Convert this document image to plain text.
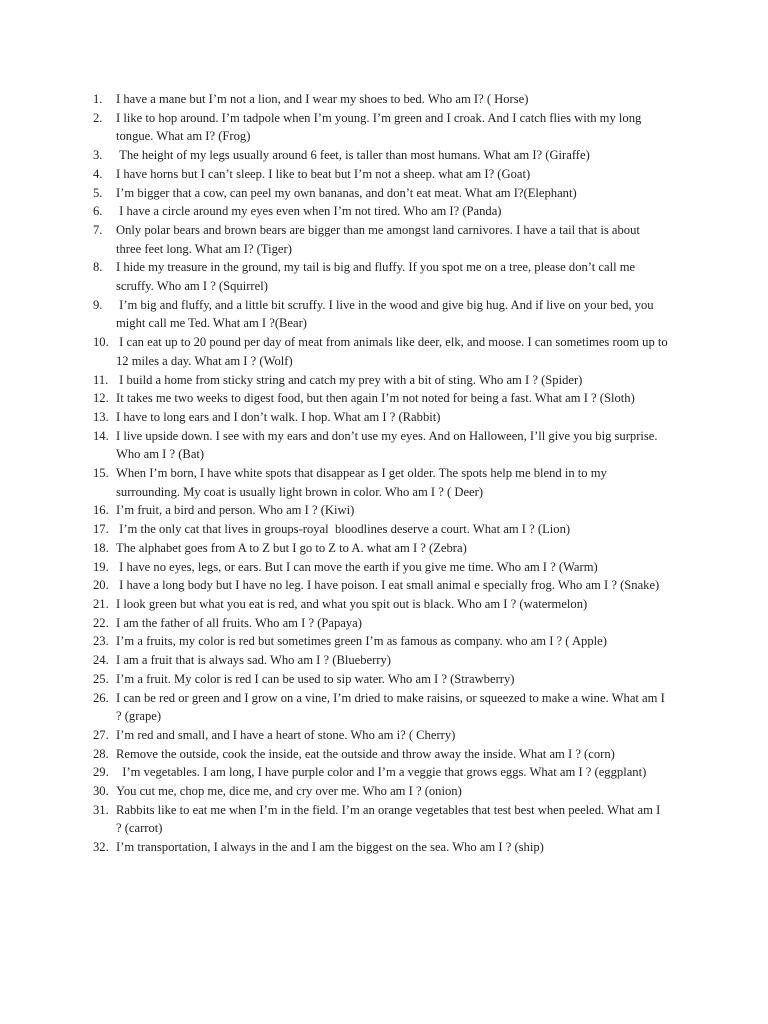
1.	I have a mane but I’m not a lion, and I wear my shoes to bed. Who am I? ( Horse)
2.	I like to hop around. I’m tadpole when I’m young. I’m green and I croak. And I catch flies with my long tongue. What am I? (Frog)
3.	The height of my legs usually around 6 feet, is taller than most humans. What am I? (Giraffe)
4.	I have horns but I can’t sleep. I like to beat but I’m not a sheep. what am I? (Goat)
5.	I’m bigger that a cow, can peel my own bananas, and don’t eat meat. What am I?(Elephant)
6.	I have a circle around my eyes even when I’m not tired. Who am I? (Panda)
7.	Only polar bears and brown bears are bigger than me amongst land carnivores. I have a tail that is about three feet long. What am I? (Tiger)
8.	I hide my treasure in the ground, my tail is big and fluffy. If you spot me on a tree, please don’t call me scruffy. Who am I ? (Squirrel)
9.	I’m big and fluffy, and a little bit scruffy. I live in the wood and give big hug. And if live on your bed, you might call me Ted. What am I ?(Bear)
10. I can eat up to 20 pound per day of meat from animals like deer, elk, and moose. I can sometimes room up to 12 miles a day. What am I ? (Wolf)
11. I build a home from sticky string and catch my prey with a bit of sting. Who am I ? (Spider)
12. It takes me two weeks to digest food, but then again I’m not noted for being a fast. What am I ? (Sloth)
13. I have to long ears and I don’t walk. I hop. What am I ? (Rabbit)
14. I live upside down. I see with my ears and don’t use my eyes. And on Halloween, I’ll give you big surprise. Who am I ? (Bat)
15. When I’m born, I have white spots that disappear as I get older. The spots help me blend in to my surrounding. My coat is usually light brown in color. Who am I ? ( Deer)
16. I’m fruit, a bird and person. Who am I ? (Kiwi)
17. I’m the only cat that lives in groups-royal  bloodlines deserve a court. What am I ? (Lion)
18. The alphabet goes from A to Z but I go to Z to A. what am I ? (Zebra)
19. I have no eyes, legs, or ears. But I can move the earth if you give me time. Who am I ? (Warm)
20. I have a long body but I have no leg. I have poison. I eat small animal e specially frog. Who am I ? (Snake)
21. I look green but what you eat is red, and what you spit out is black. Who am I ? (watermelon)
22. I am the father of all fruits. Who am I ? (Papaya)
23. I’m a fruits, my color is red but sometimes green I’m as famous as company. who am I ? ( Apple)
24. I am a fruit that is always sad. Who am I ? (Blueberry)
25. I’m a fruit. My color is red I can be used to sip water. Who am I ? (Strawberry)
26. I can be red or green and I grow on a vine, I’m dried to make raisins, or squeezed to make a wine. What am I ? (grape)
27. I’m red and small, and I have a heart of stone. Who am i? ( Cherry)
28. Remove the outside, cook the inside, eat the outside and throw away the inside. What am I ? (corn)
29. I’m vegetables. I am long, I have purple color and I’m a veggie that grows eggs. What am I ? (eggplant)
30. You cut me, chop me, dice me, and cry over me. Who am I ? (onion)
31. Rabbits like to eat me when I’m in the field. I’m an orange vegetables that test best when peeled. What am I ? (carrot)
32. I’m transportation, I always in the and I am the biggest on the sea. Who am I ? (ship)
